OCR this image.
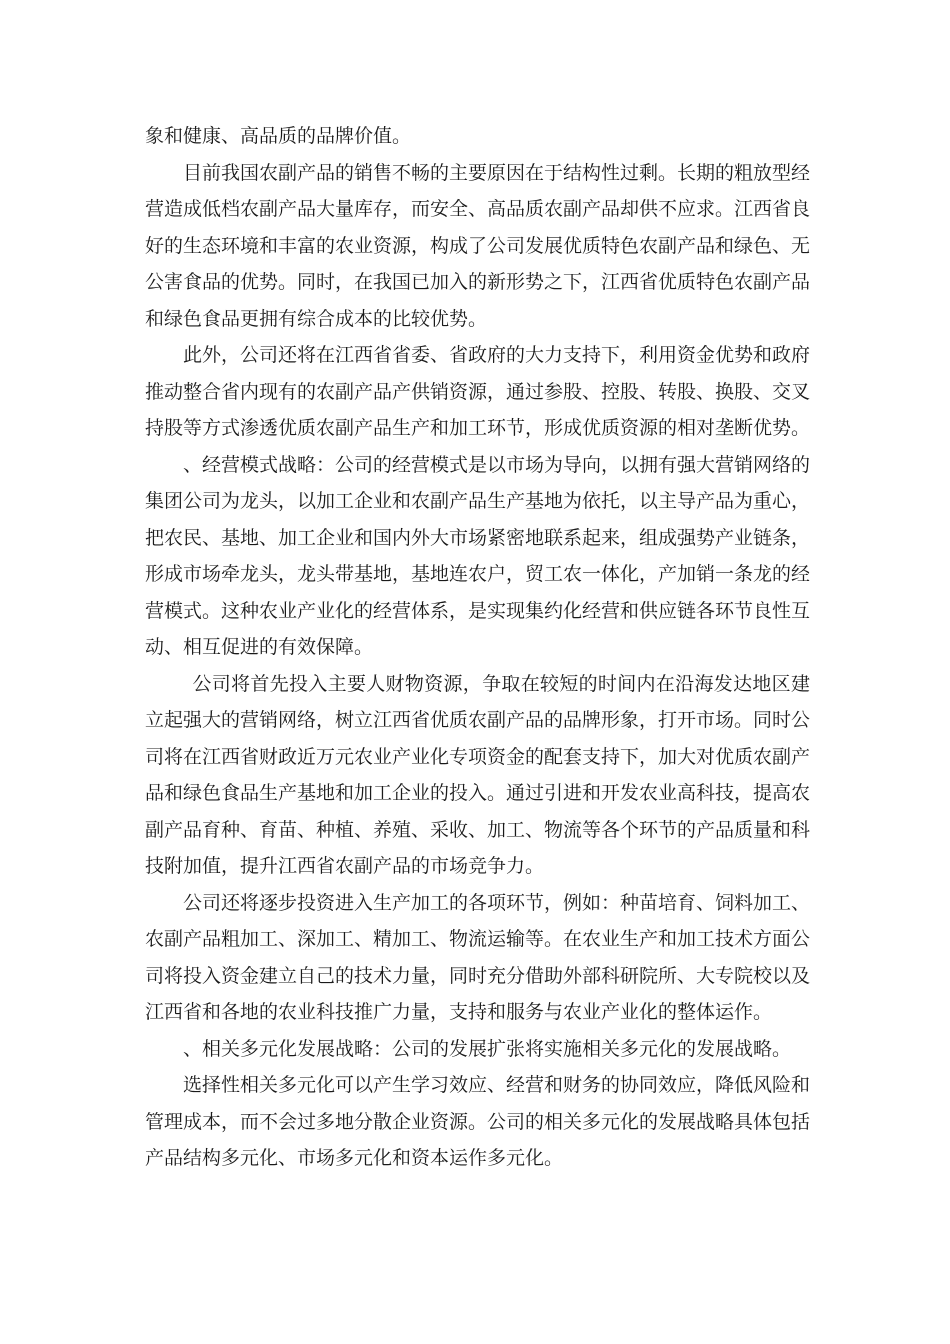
象和健康、高品质的品牌价值。

目前我国农副产品的销售不畅的主要原因在于结构性过剩。长期的粗放型经营造成低档农副产品大量库存，而安全、高品质农副产品却供不应求。江西省良好的生态环境和丰富的农业资源，构成了公司发展优质特色农副产品和绿色、无公害食品的优势。同时，在我国已加入的新形势之下，江西省优质特色农副产品和绿色食品更拥有综合成本的比较优势。

此外，公司还将在江西省省委、省政府的大力支持下，利用资金优势和政府推动整合省内现有的农副产品产供销资源，通过参股、控股、转股、换股、交叉持股等方式渗透优质农副产品生产和加工环节，形成优质资源的相对垄断优势。

、经营模式战略：公司的经营模式是以市场为导向，以拥有强大营销网络的集团公司为龙头，以加工企业和农副产品生产基地为依托，以主导产品为重心，把农民、基地、加工企业和国内外大市场紧密地联系起来，组成强势产业链条，形成市场牵龙头，龙头带基地，基地连农户，贸工农一体化，产加销一条龙的经营模式。这种农业产业化的经营体系，是实现集约化经营和供应链各环节良性互动、相互促进的有效保障。

公司将首先投入主要人财物资源，争取在较短的时间内在沿海发达地区建立起强大的营销网络，树立江西省优质农副产品的品牌形象，打开市场。同时公司将在江西省财政近万元农业产业化专项资金的配套支持下，加大对优质农副产品和绿色食品生产基地和加工企业的投入。通过引进和开发农业高科技，提高农副产品育种、育苗、种植、养殖、采收、加工、物流等各个环节的产品质量和科技附加值，提升江西省农副产品的市场竞争力。

公司还将逐步投资进入生产加工的各项环节，例如：种苗培育、饲料加工、农副产品粗加工、深加工、精加工、物流运输等。在农业生产和加工技术方面公司将投入资金建立自己的技术力量，同时充分借助外部科研院所、大专院校以及江西省和各地的农业科技推广力量，支持和服务与农业产业化的整体运作。

、相关多元化发展战略：公司的发展扩张将实施相关多元化的发展战略。

选择性相关多元化可以产生学习效应、经营和财务的协同效应，降低风险和管理成本，而不会过多地分散企业资源。公司的相关多元化的发展战略具体包括产品结构多元化、市场多元化和资本运作多元化。
